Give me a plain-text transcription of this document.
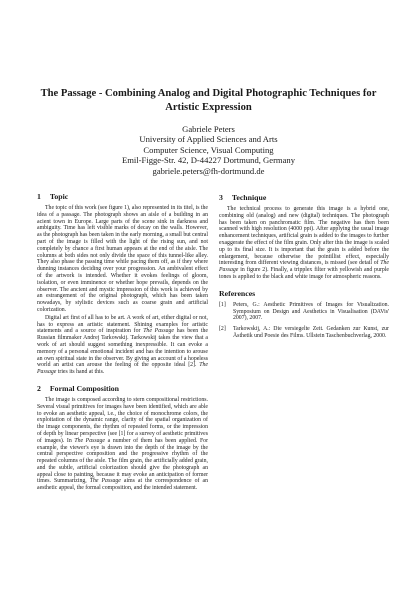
The Passage - Combining Analog and Digital Photographic Techniques for
Artistic Expression
Gabriele Peters
University of Applied Sciences and Arts
Computer Science, Visual Computing
Emil-Figge-Str. 42, D-44227 Dortmund, Germany
gabriele.peters@fh-dortmund.de
1 Topic

The topic of this work (see figure 1), also represented in its titel, is the idea of a passage. The photograph shows an aisle of a building in an acient town in Europe. Large parts of the scene sink in darkness and ambiguity. Time has left visible marks of decay on the walls. However, as the photograph has been taken in the early morning, a small but central part of the image is filled with the light of the rising sun, and not completely by chance a first human appears at the end of the aisle. The columns at both sides not only divide the space of this tunnel-like alley. They also phase the passing time while pacing them off, as if they where dunning instances deciding over your progression. An ambivalent effect of the artwork is intended. Whether it evokes feelings of gloom, isolation, or even imminence or whether hope prevails, depends on the observer. The ancient and mystic impression of this work is achieved by an estrangement of the original photograph, which has been taken nowadays, by stylistic devices such as coarse grain and artificial colorization.

Digital art first of all has to be art. A work of art, either digital or not, has to express an artistic statement. Shining examples for artistic statements and a source of inspiration for The Passage has been the Russian filmmaker Andrej Tarkowskij. Tarkowskij takes the view that a work of art should suggest something inexpressible. It can evoke a memory of a personal emotional incident and has the intention to arouse an own spiritual state in the observer. By giving an account of a hopeless world an artist can arouse the feeling of the opposite ideal [2]. The Passage tries its hand at this.

2 Formal Composition

The image is composed according to stern compositional restrictions. Several visual primitives for images have been identified, which are able to evoke an aesthetic appeal, i.e., the choice of monochrome colors, the exploitation of the dynamic range, clarity of the spatial organization of the image components, the rhythm of repeated forms, or the impression of depth by linear perspective (see [1] for a survey of aesthetic primitives of images). In The Passage a number of them has been applied. For example, the viewer's eye is drawn into the depth of the image by the central perspective composition and the progressive rhythm of the repeated columns of the aisle. The film grain, the artificially added grain, and the subtle, artificial colorization should give the photograph an appeal close to painting, because it may evoke an anticipation of former times. Summarizing, The Passage aims at the correspondence of an aesthetic appeal, the formal composition, and the intended statement.

3 Technique

The technical process to generate this image is a hybrid one, combining old (analog) and new (digital) techniques. The photograph has been taken on panchromatic film. The negative has then been scanned with high resolution (4000 ppi). After applying the usual image enhancement techniques, artificial grain is added to the images to further exaggerate the effect of the film grain. Only after this the image is scaled up to its final size. It is important that the grain is added before the enlargement, because otherwise the pointillist effect, especially interesting from different viewing distances, is missed (see detail of The Passage in figure 2). Finally, a tripplex filter with yellowish and purple tones is applied to the black and white image for atmospheric reasons.

References
[1]	Peters, G.: Aesthetic Primitives of Images for Visualization. Symposium on Design and Aesthetics in Visualisation (DAVis' 2007), 2007.
[2]	Tarkowskij, A.: Die versiegelte Zeit. Gedanken zur Kunst, zur Ästhetik und Poesie des Films. Ullstein Taschenbuchverlag, 2000.
